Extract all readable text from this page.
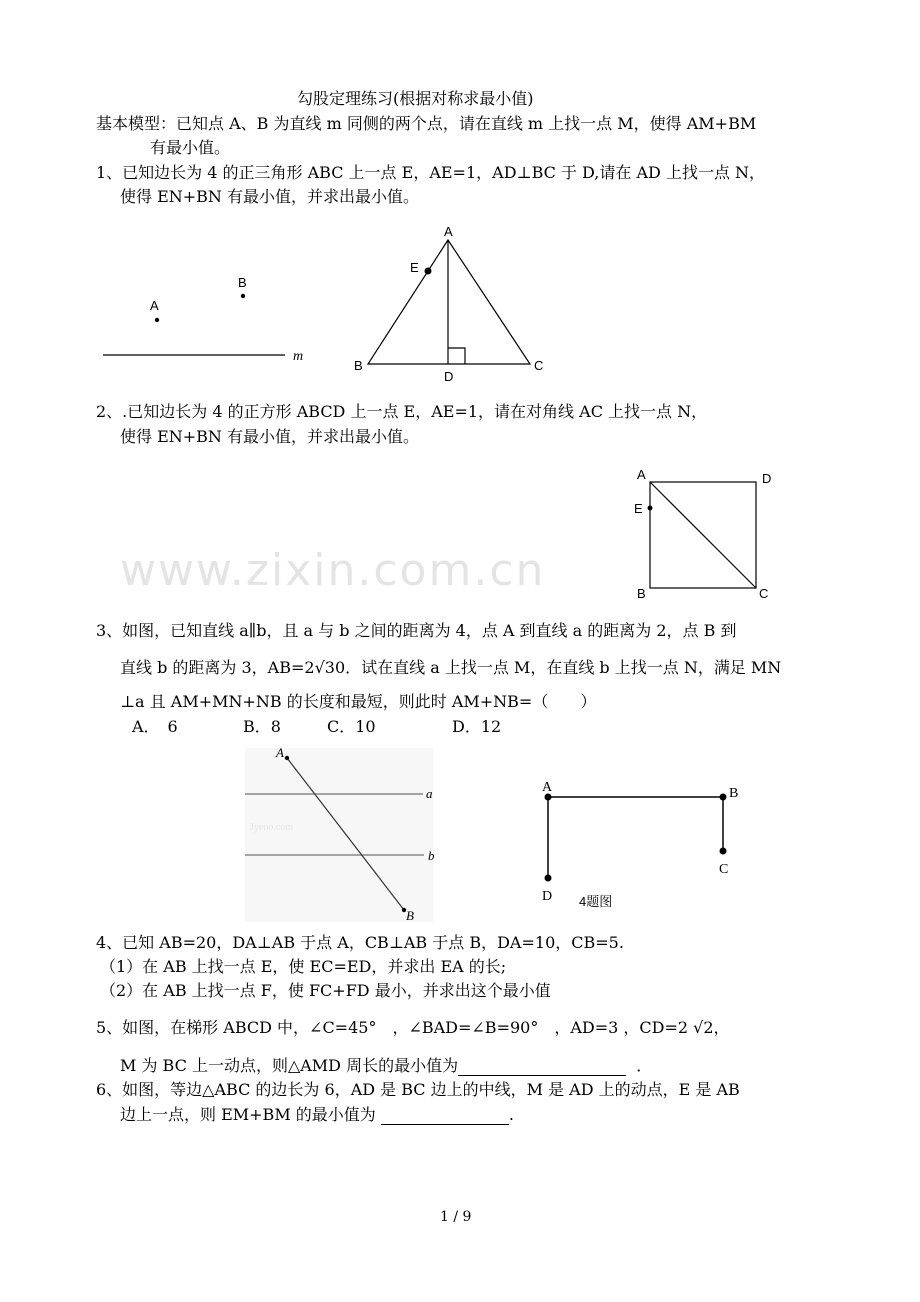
www.zixin.com.cn
勾股定理练习(根据对称求最小值)
基本模型：已知点 A、B 为直线 m 同侧的两个点，请在直线 m 上找一点 M，使得 AM+BM
有最小值。
1、已知边长为 4 的正三角形 ABC 上一点 E，AE=1，AD⊥BC 于 D,请在 AD 上找一点 N，
使得 EN+BN 有最小值，并求出最小值。
2、.已知边长为 4 的正方形 ABCD 上一点 E，AE=1，请在对角线 AC 上找一点 N，
使得 EN+BN 有最小值，并求出最小值。
3、如图，已知直线 a∥b，且 a 与 b 之间的距离为 4，点 A 到直线 a 的距离为 2，点 B 到
直线 b 的距离为 3，AB=2√30．试在直线 a 上找一点 M，在直线 b 上找一点 N，满足 MN
⊥a 且 AM+MN+NB 的长度和最短，则此时 AM+NB=（　　）
A．　6	B．8	C．10	D．12
4、已知 AB=20，DA⊥AB 于点 A，CB⊥AB 于点 B，DA=10，CB=5.
（1）在 AB 上找一点 E，使 EC=ED，并求出 EA 的长;
（2）在 AB 上找一点 F，使 FC+FD 最小，并求出这个最小值
5、如图，在梯形 ABCD 中，∠C=45°　，∠BAD=∠B=90°　，AD=3 ，CD=2 √2，
M 为 BC 上一动点，则△AMD 周长的最小值为	．
6、如图，等边△ABC 的边长为 6，AD 是 BC 边上的中线，M 是 AD 上的动点，E 是 AB
边上一点，则 EM+BM 的最小值为	.
1 / 9
A
B
m
A
E
B
D
C
A	D
E
B	C
Jyeoo.com
A
B
a
b
A	B
C
D 4题图
